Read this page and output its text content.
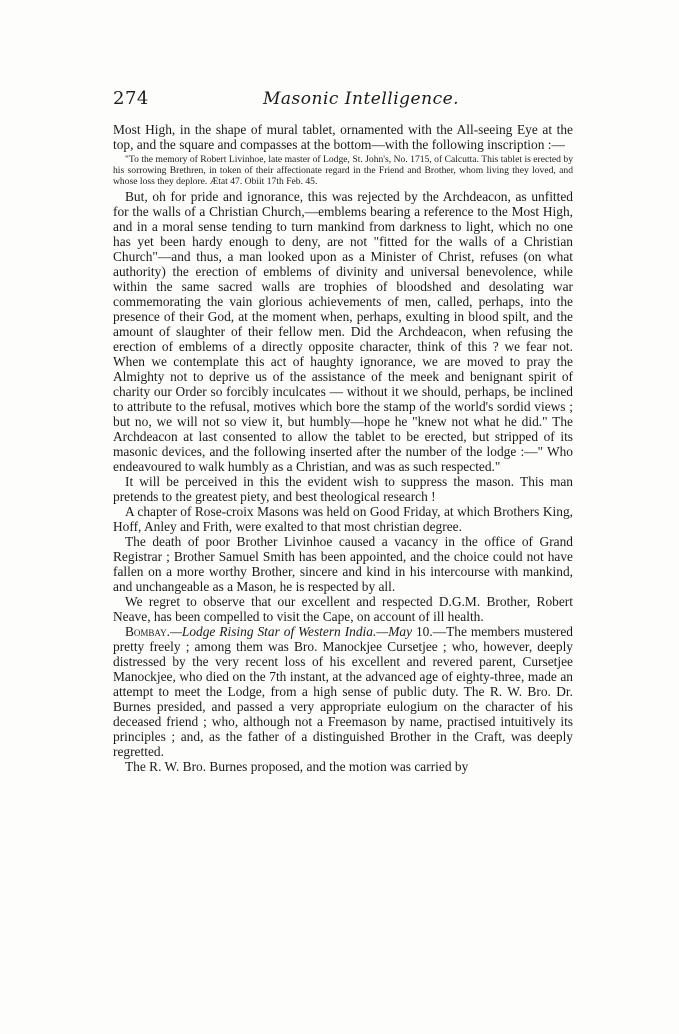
274	Masonic Intelligence.

Most High, in the shape of mural tablet, ornamented with the All-seeing Eye at the top, and the square and compasses at the bottom—with the following inscription :—

"To the memory of Robert Livinhoe, late master of Lodge, St. John's, No. 1715, of Calcutta. This tablet is erected by his sorrowing Brethren, in token of their affectionate regard in the Friend and Brother, whom living they loved, and whose loss they deplore. Ætat 47. Obiit 17th Feb. 45.

But, oh for pride and ignorance, this was rejected by the Archdeacon, as unfitted for the walls of a Christian Church,—emblems bearing a reference to the Most High, and in a moral sense tending to turn mankind from darkness to light, which no one has yet been hardy enough to deny, are not "fitted for the walls of a Christian Church"—and thus, a man looked upon as a Minister of Christ, refuses (on what authority) the erection of emblems of divinity and universal benevolence, while within the same sacred walls are trophies of bloodshed and desolating war commemorating the vain glorious achievements of men, called, perhaps, into the presence of their God, at the moment when, perhaps, exulting in blood spilt, and the amount of slaughter of their fellow men. Did the Archdeacon, when refusing the erection of emblems of a directly opposite character, think of this ? we fear not. When we contemplate this act of haughty ignorance, we are moved to pray the Almighty not to deprive us of the assistance of the meek and benignant spirit of charity our Order so forcibly inculcates — without it we should, perhaps, be inclined to attribute to the refusal, motives which bore the stamp of the world's sordid views ; but no, we will not so view it, but humbly—hope he "knew not what he did." The Archdeacon at last consented to allow the tablet to be erected, but stripped of its masonic devices, and the following inserted after the number of the lodge :—" Who endeavoured to walk humbly as a Christian, and was as such respected."

It will be perceived in this the evident wish to suppress the mason. This man pretends to the greatest piety, and best theological research !

A chapter of Rose-croix Masons was held on Good Friday, at which Brothers King, Hoff, Anley and Frith, were exalted to that most christian degree.

The death of poor Brother Livinhoe caused a vacancy in the office of Grand Registrar ; Brother Samuel Smith has been appointed, and the choice could not have fallen on a more worthy Brother, sincere and kind in his intercourse with mankind, and unchangeable as a Mason, he is respected by all.

We regret to observe that our excellent and respected D.G.M. Brother, Robert Neave, has been compelled to visit the Cape, on account of ill health.

Bombay.—Lodge Rising Star of Western India.—May 10.—The members mustered pretty freely ; among them was Bro. Manockjee Cursetjee ; who, however, deeply distressed by the very recent loss of his excellent and revered parent, Cursetjee Manockjee, who died on the 7th instant, at the advanced age of eighty-three, made an attempt to meet the Lodge, from a high sense of public duty. The R. W. Bro. Dr. Burnes presided, and passed a very appropriate eulogium on the character of his deceased friend ; who, although not a Freemason by name, practised intuitively its principles ; and, as the father of a distinguished Brother in the Craft, was deeply regretted.

The R. W. Bro. Burnes proposed, and the motion was carried by
